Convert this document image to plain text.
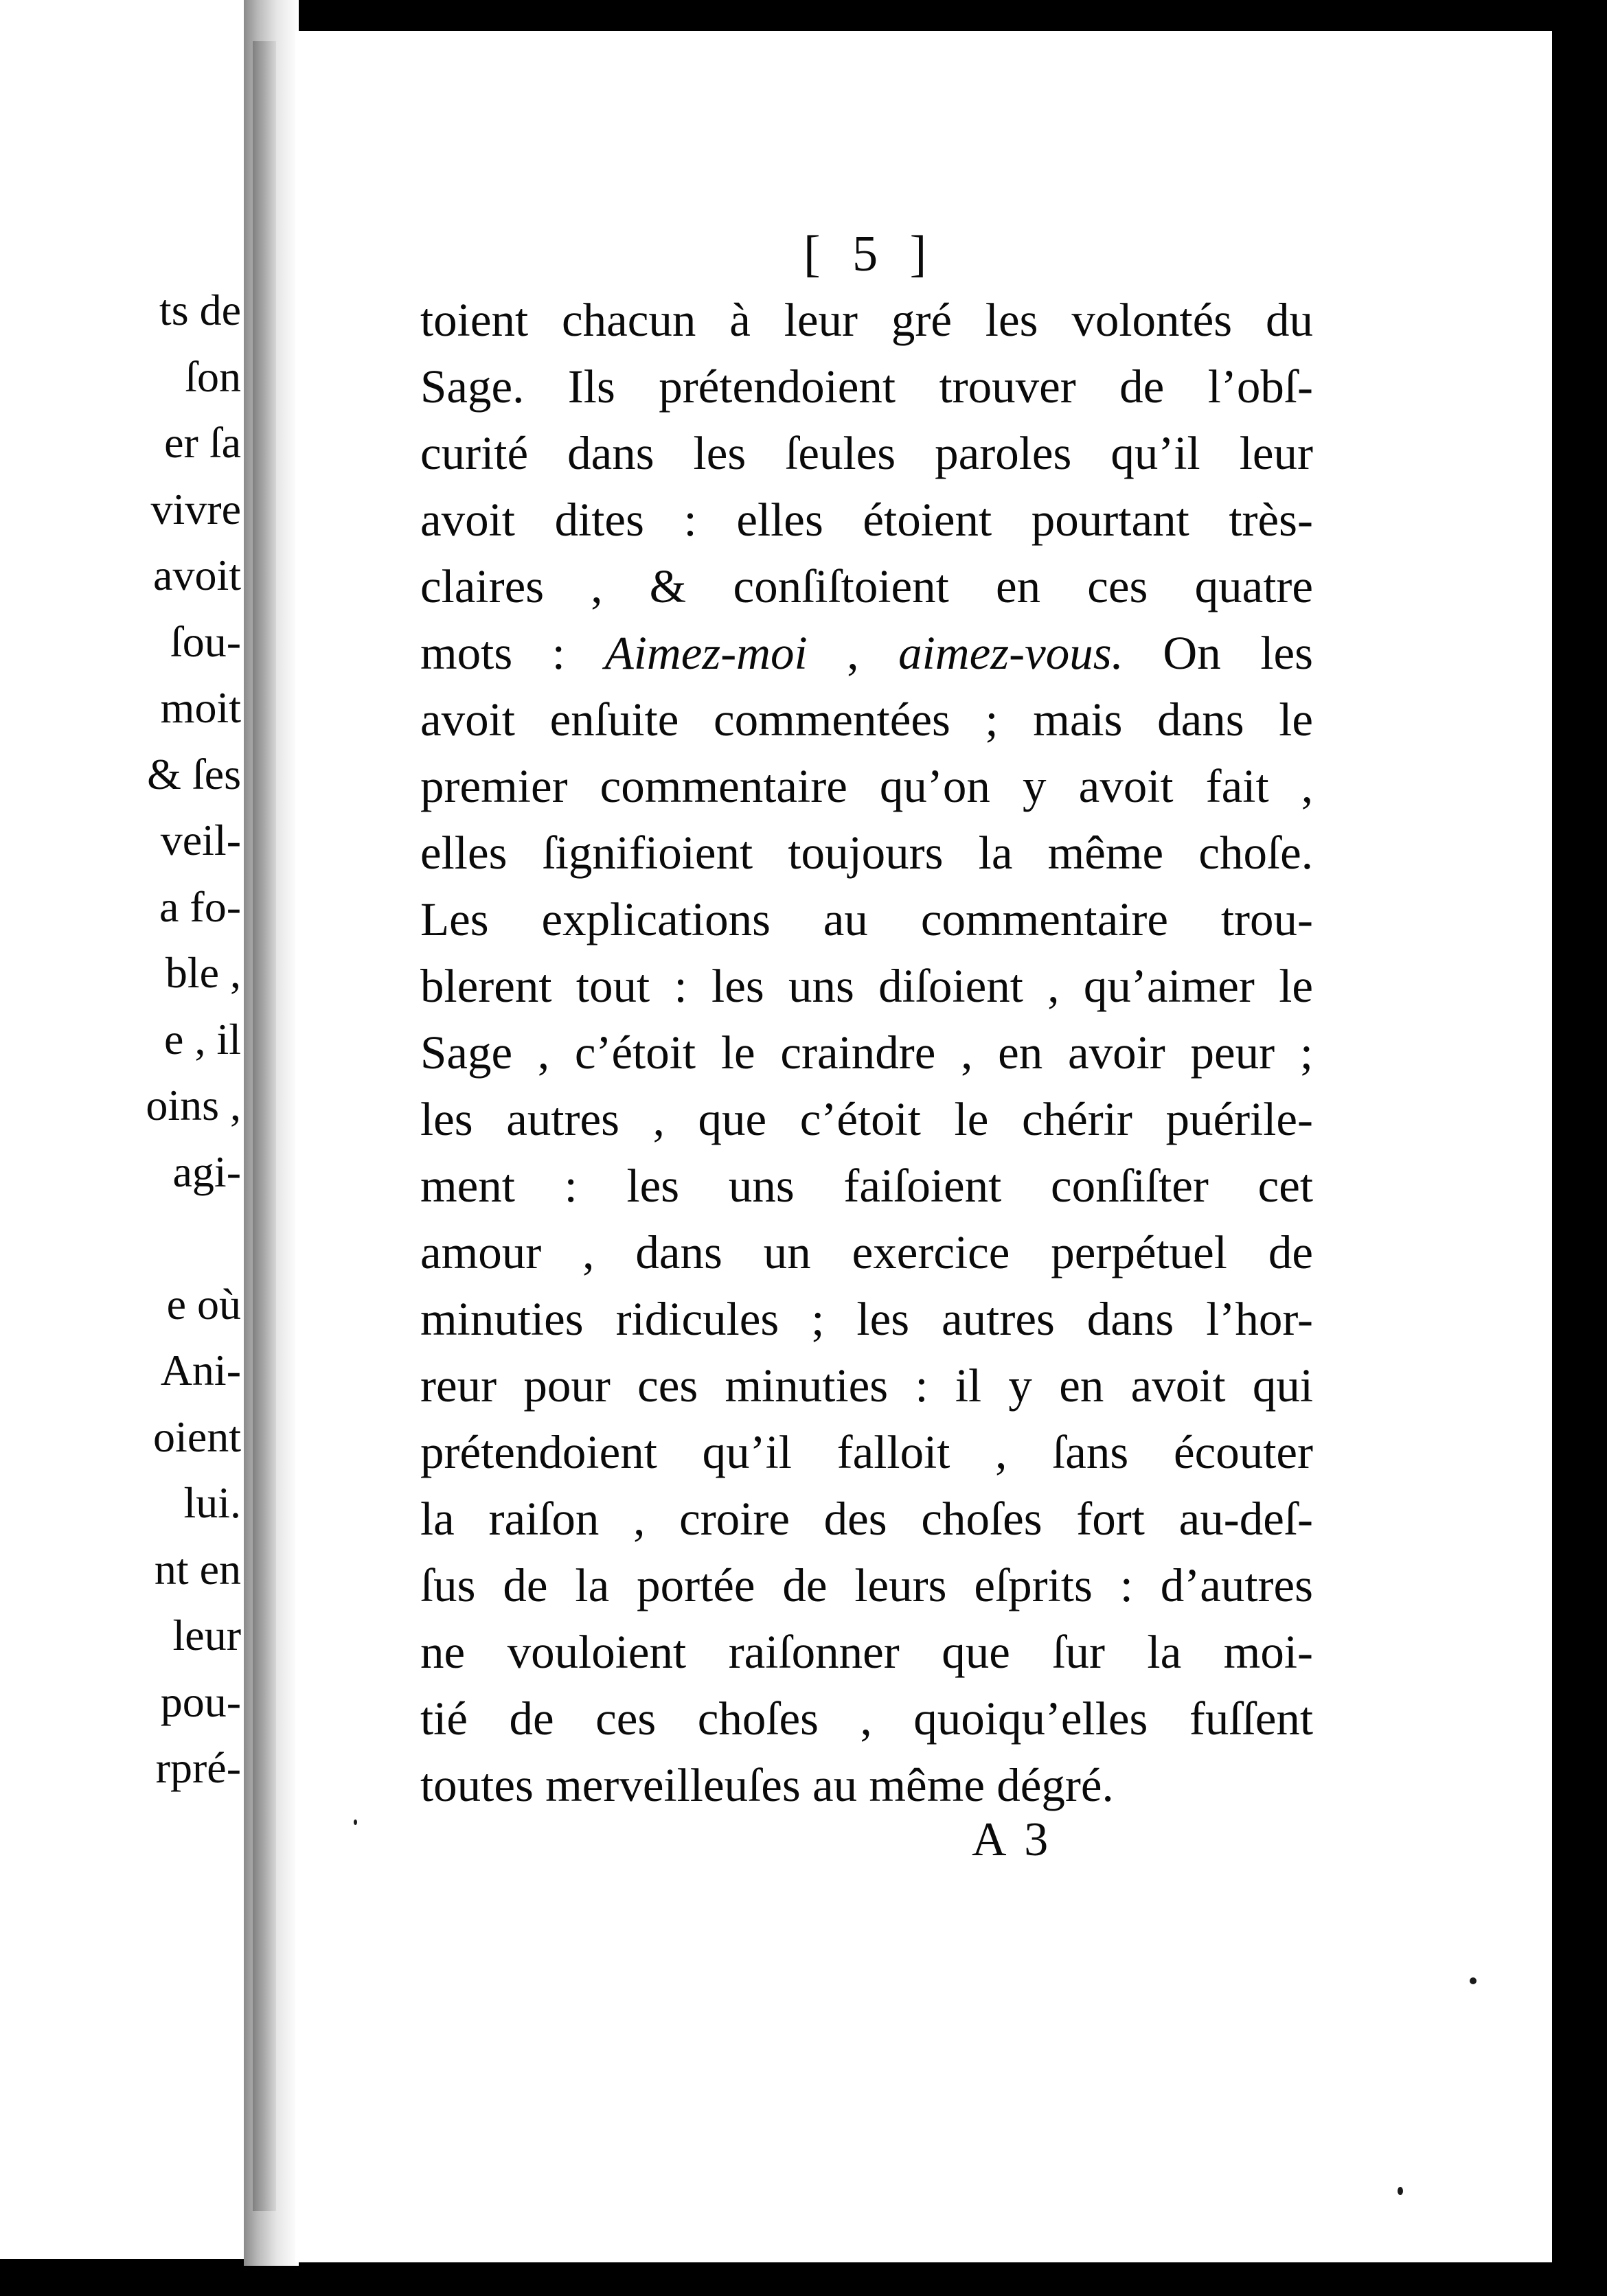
ts de
ſon
er ſa
vivre
avoit
ſou-
moit
& ſes
veil-
a fo-
ble ,
e , il
oins ,
agi-
e où
Ani-
oient
lui.
nt en
leur
pou-
rpré-
[ 5 ]
toient chacun à leur gré les volontés du
Sage. Ils prétendoient trouver de l’obſ-
curité dans les ſeules paroles qu’il leur
avoit dites : elles étoient pourtant très-
claires , & conſiſtoient en ces quatre
mots : Aimez-moi , aimez-vous. On les
avoit enſuite commentées ; mais dans le
premier commentaire qu’on y avoit fait ,
elles ſignifioient toujours la même choſe.
Les explications au commentaire trou-
blerent tout : les uns diſoient , qu’aimer le
Sage , c’étoit le craindre , en avoir peur ;
les autres , que c’étoit le chérir puérile-
ment : les uns faiſoient conſiſter cet
amour , dans un exercice perpétuel de
minuties ridicules ; les autres dans l’hor-
reur pour ces minuties : il y en avoit qui
prétendoient qu’il falloit , ſans écouter
la raiſon , croire des choſes fort au-deſ-
ſus de la portée de leurs eſprits : d’autres
ne vouloient raiſonner que ſur la moi-
tié de ces choſes , quoiqu’elles fuſſent
toutes merveilleuſes au même dégré.
A 3
